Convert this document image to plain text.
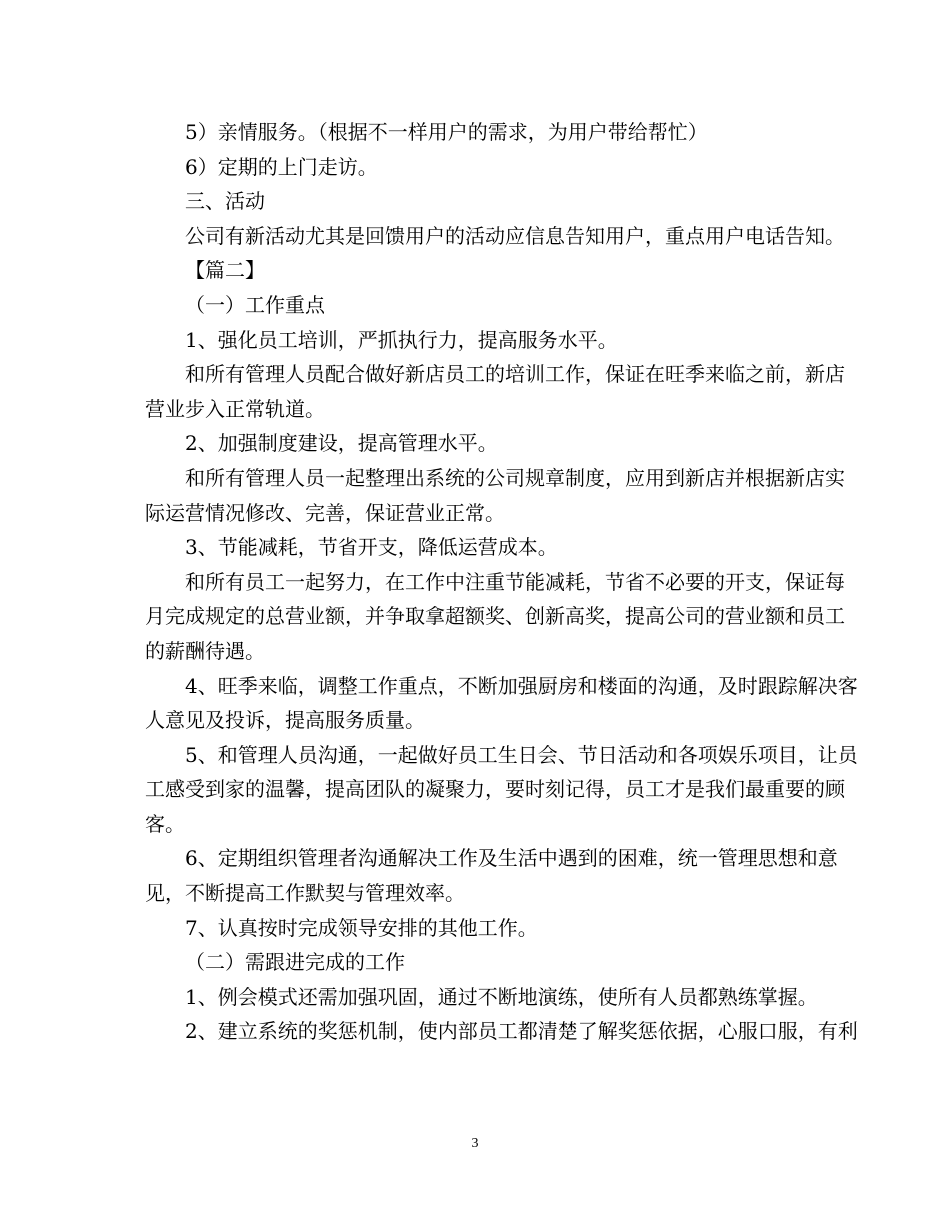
5）亲情服务。（根据不一样用户的需求，为用户带给帮忙）

6）定期的上门走访。

三、活动

公司有新活动尤其是回馈用户的活动应信息告知用户，重点用户电话告知。

【篇二】

（一）工作重点

1、强化员工培训，严抓执行力，提高服务水平。

和所有管理人员配合做好新店员工的培训工作，保证在旺季来临之前，新店

营业步入正常轨道。

2、加强制度建设，提高管理水平。

和所有管理人员一起整理出系统的公司规章制度，应用到新店并根据新店实

际运营情况修改、完善，保证营业正常。

3、节能减耗，节省开支，降低运营成本。

和所有员工一起努力，在工作中注重节能减耗，节省不必要的开支，保证每

月完成规定的总营业额，并争取拿超额奖、创新高奖，提高公司的营业额和员工

的薪酬待遇。

4、旺季来临，调整工作重点，不断加强厨房和楼面的沟通，及时跟踪解决客

人意见及投诉，提高服务质量。

5、和管理人员沟通，一起做好员工生日会、节日活动和各项娱乐项目，让员

工感受到家的温馨，提高团队的凝聚力，要时刻记得，员工才是我们最重要的顾

客。

6、定期组织管理者沟通解决工作及生活中遇到的困难，统一管理思想和意

见，不断提高工作默契与管理效率。

7、认真按时完成领导安排的其他工作。

（二）需跟进完成的工作

1、例会模式还需加强巩固，通过不断地演练，使所有人员都熟练掌握。

2、建立系统的奖惩机制，使内部员工都清楚了解奖惩依据，心服口服，有利

3
